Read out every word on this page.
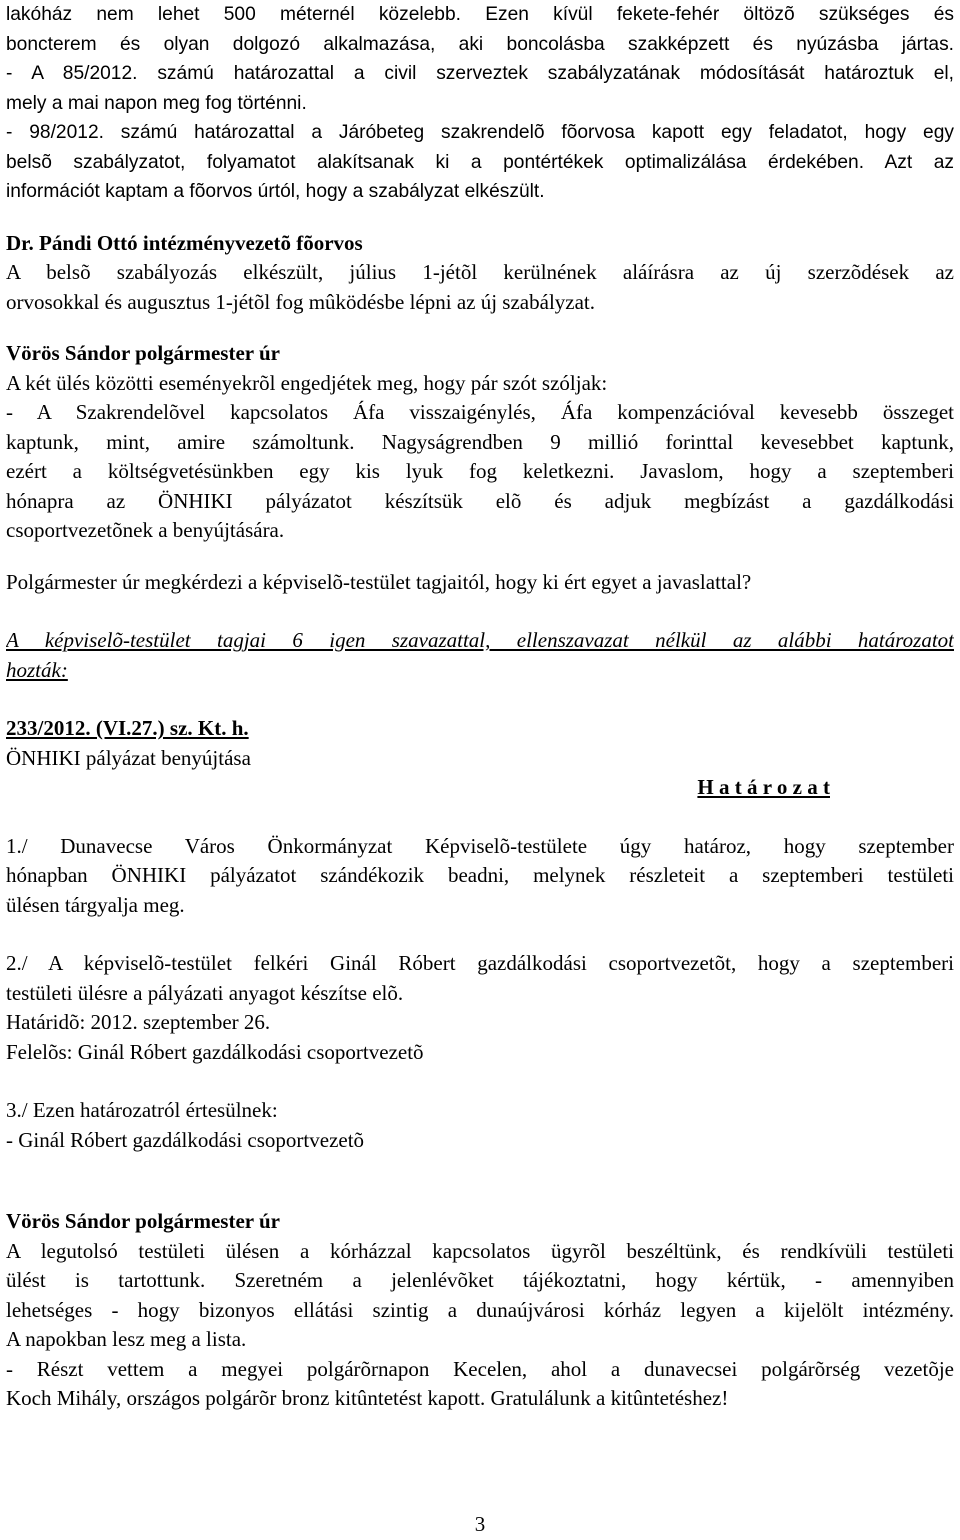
lakóház nem lehet 500 méternél közelebb. Ezen kívül fekete-fehér öltözõ szükséges és
boncterem és olyan dolgozó alkalmazása, aki boncolásba szakképzett és nyúzásba jártas.
- A 85/2012. számú határozattal a civil szerveztek szabályzatának módosítását határoztuk el,
mely a mai napon meg fog történni.
- 98/2012. számú határozattal a Járóbeteg szakrendelõ fõorvosa kapott egy feladatot, hogy egy
belsõ szabályzatot, folyamatot alakítsanak ki a pontértékek optimalizálása érdekében. Azt az
információt kaptam a fõorvos úrtól, hogy a szabályzat elkészült.
Dr. Pándi Ottó intézményvezetõ fõorvos
A belsõ szabályozás elkészült, július 1-jétõl kerülnének aláírásra az új szerzõdések az
orvosokkal és augusztus 1-jétõl fog mûködésbe lépni az új szabályzat.
Vörös Sándor polgármester úr
A két ülés közötti eseményekrõl engedjétek meg, hogy pár szót szóljak:
- A Szakrendelõvel kapcsolatos Áfa visszaigénylés, Áfa kompenzációval kevesebb összeget
kaptunk, mint, amire számoltunk. Nagyságrendben 9 millió forinttal kevesebbet kaptunk,
ezért a költségvetésünkben egy kis lyuk fog keletkezni. Javaslom, hogy a szeptemberi
hónapra az ÖNHIKI pályázatot készítsük elõ és adjuk megbízást a gazdálkodási
csoportvezetõnek a benyújtására.
Polgármester úr megkérdezi a képviselõ-testület tagjaitól, hogy ki ért egyet a javaslattal?
A képviselõ-testület tagjai 6 igen szavazattal, ellenszavazat nélkül az alábbi határozatot
hozták:
233/2012. (VI.27.) sz. Kt. h.
ÖNHIKI pályázat benyújtása
H a t á r o z a t
1./ Dunavecse Város Önkormányzat Képviselõ-testülete úgy határoz, hogy szeptember
hónapban ÖNHIKI pályázatot szándékozik beadni, melynek részleteit a szeptemberi testületi
ülésen tárgyalja meg.
2./ A képviselõ-testület felkéri Ginál Róbert gazdálkodási csoportvezetõt, hogy a szeptemberi
testületi ülésre a pályázati anyagot készítse elõ.
Határidõ: 2012. szeptember 26.
Felelõs: Ginál Róbert gazdálkodási csoportvezetõ
3./ Ezen határozatról értesülnek:
- Ginál Róbert gazdálkodási csoportvezetõ
Vörös Sándor polgármester úr
A legutolsó testületi ülésen a kórházzal kapcsolatos ügyrõl beszéltünk, és rendkívüli testületi
ülést is tartottunk. Szeretném a jelenlévõket tájékoztatni, hogy kértük, - amennyiben
lehetséges - hogy bizonyos ellátási szintig a dunaújvárosi kórház legyen a kijelölt intézmény.
A napokban lesz meg a lista.
- Részt vettem a megyei polgárõrnapon Kecelen, ahol a dunavecsei polgárõrség vezetõje
Koch Mihály, országos polgárõr bronz kitûntetést kapott. Gratulálunk a kitûntetéshez!
3
